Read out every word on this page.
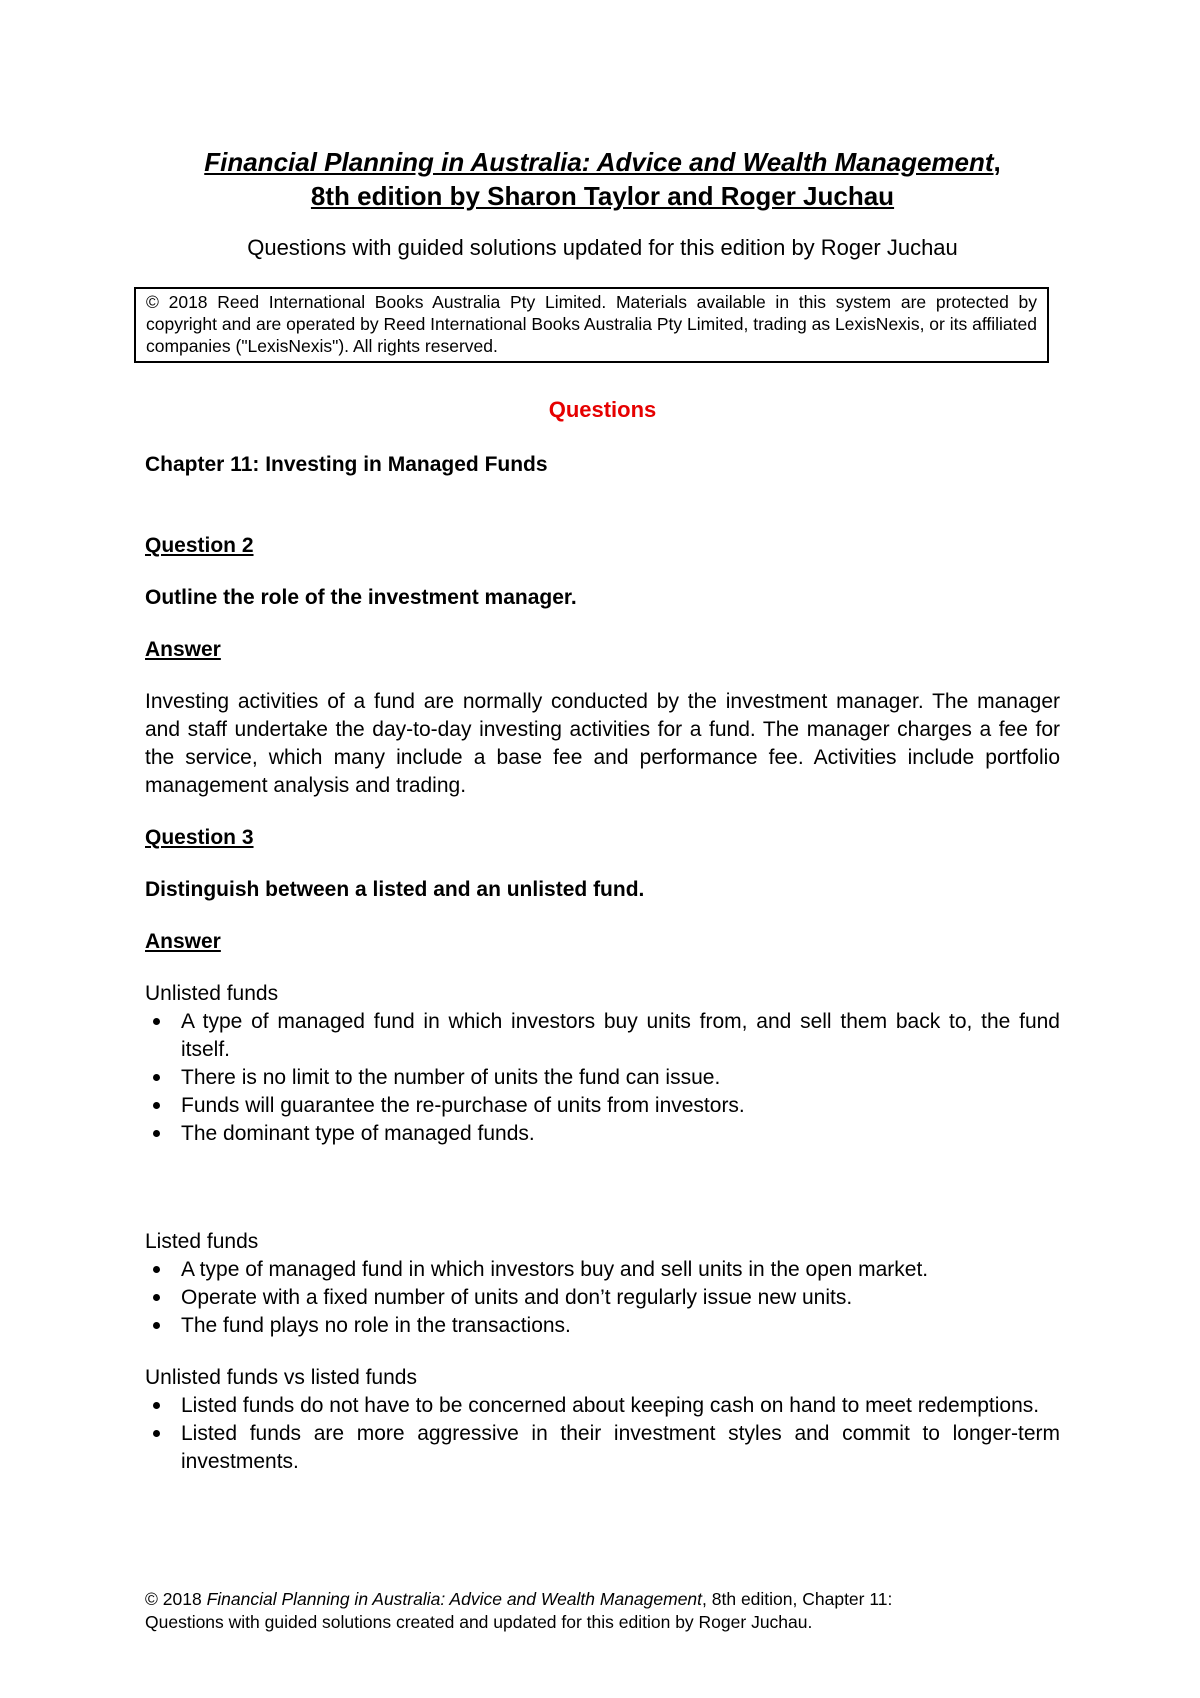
Financial Planning in Australia: Advice and Wealth Management,
8th edition by Sharon Taylor and Roger Juchau
Questions with guided solutions updated for this edition by Roger Juchau
© 2018 Reed International Books Australia Pty Limited. Materials available in this system are protected by copyright and are operated by Reed International Books Australia Pty Limited, trading as LexisNexis, or its affiliated companies ("LexisNexis"). All rights reserved.
Questions
Chapter 11: Investing in Managed Funds
Question 2
Outline the role of the investment manager.
Answer
Investing activities of a fund are normally conducted by the investment manager. The manager and staff undertake the day-to-day investing activities for a fund. The manager charges a fee for the service, which many include a base fee and performance fee. Activities include portfolio management analysis and trading.
Question 3
Distinguish between a listed and an unlisted fund.
Answer
Unlisted funds
A type of managed fund in which investors buy units from, and sell them back to, the fund itself.
There is no limit to the number of units the fund can issue.
Funds will guarantee the re-purchase of units from investors.
The dominant type of managed funds.
Listed funds
A type of managed fund in which investors buy and sell units in the open market.
Operate with a fixed number of units and don’t regularly issue new units.
The fund plays no role in the transactions.
Unlisted funds vs listed funds
Listed funds do not have to be concerned about keeping cash on hand to meet redemptions.
Listed funds are more aggressive in their investment styles and commit to longer-term investments.
© 2018 Financial Planning in Australia: Advice and Wealth Management, 8th edition, Chapter 11:
Questions with guided solutions created and updated for this edition by Roger Juchau.
